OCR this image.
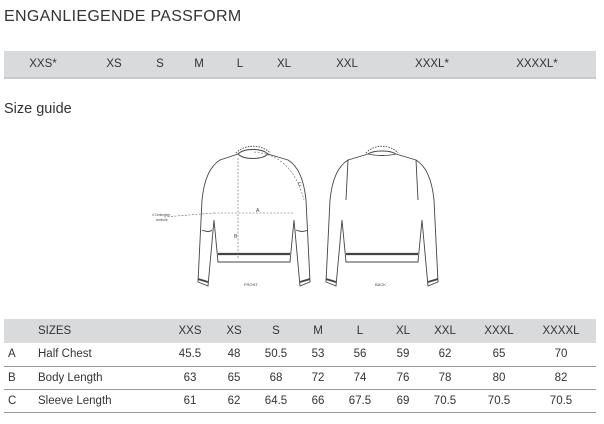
ENGANLIEGENDE PASSFORM
XXS*	XS	S	M	L	XL	XXL	XXXL*	XXXXL*
Size guide
A
B
C
4 Centimeter
armhole
FRONT	BACK
	SIZES	XXS	XS	S	M	L	XL	XXL	XXXL	XXXXL
A	Half Chest	45.5	48	50.5	53	56	59	62	65	70
B	Body Length	63	65	68	72	74	76	78	80	82
C	Sleeve Length	61	62	64.5	66	67.5	69	70.5	70.5	70.5
